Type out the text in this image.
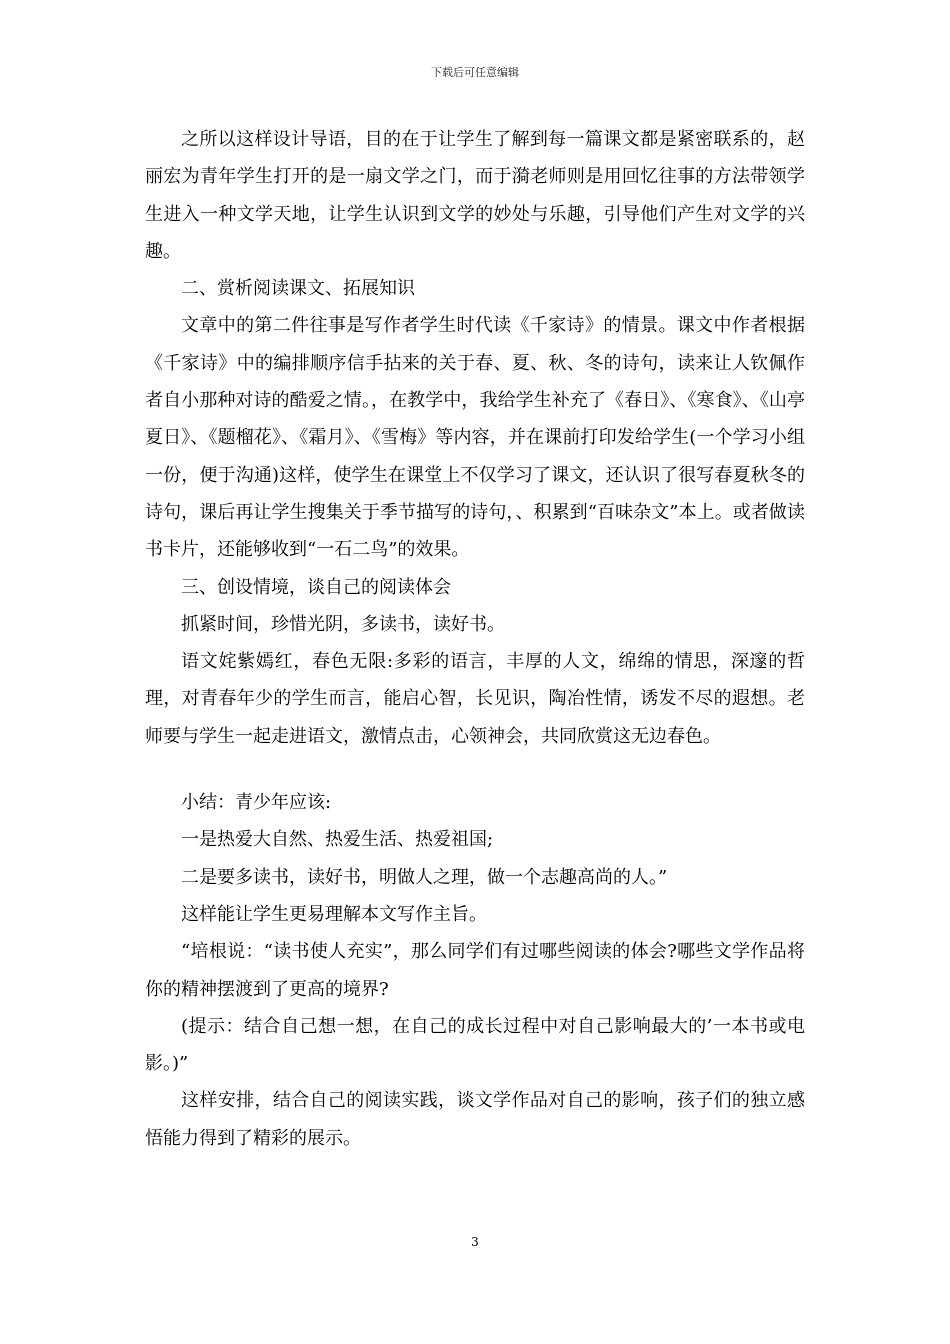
下载后可任意编辑

之所以这样设计导语，目的在于让学生了解到每一篇课文都是紧密联系的，赵丽宏为青年学生打开的是一扇文学之门，而于漪老师则是用回忆往事的方法带领学生进入一种文学天地，让学生认识到文学的妙处与乐趣，引导他们产生对文学的兴趣。

二、赏析阅读课文、拓展知识

文章中的第二件往事是写作者学生时代读《千家诗》的情景。课文中作者根据《千家诗》中的编排顺序信手拈来的关于春、夏、秋、冬的诗句，读来让人钦佩作者自小那种对诗的酷爱之情。，在教学中，我给学生补充了《春日》、《寒食》、《山亭夏日》、《题榴花》、《霜月》、《雪梅》等内容，并在课前打印发给学生(一个学习小组一份，便于沟通)这样，使学生在课堂上不仅学习了课文，还认识了很写春夏秋冬的诗句，课后再让学生搜集关于季节描写的诗句，、积累到“百味杂文”本上。或者做读书卡片，还能够收到“一石二鸟”的效果。

三、创设情境，谈自己的阅读体会

抓紧时间，珍惜光阴，多读书，读好书。

语文姹紫嫣红，春色无限:多彩的语言，丰厚的人文，绵绵的情思，深邃的哲理，对青春年少的学生而言，能启心智，长见识，陶冶性情，诱发不尽的遐想。老师要与学生一起走进语文，激情点击，心领神会，共同欣赏这无边春色。

小结：青少年应该:

一是热爱大自然、热爱生活、热爱祖国;

二是要多读书，读好书，明做人之理，做一个志趣高尚的人。”

这样能让学生更易理解本文写作主旨。

“培根说：“读书使人充实”，那么同学们有过哪些阅读的体会?哪些文学作品将你的精神摆渡到了更高的境界?

(提示：结合自己想一想，在自己的成长过程中对自己影响最大的’一本书或电影。)”

这样安排，结合自己的阅读实践，谈文学作品对自己的影响，孩子们的独立感悟能力得到了精彩的展示。

3
